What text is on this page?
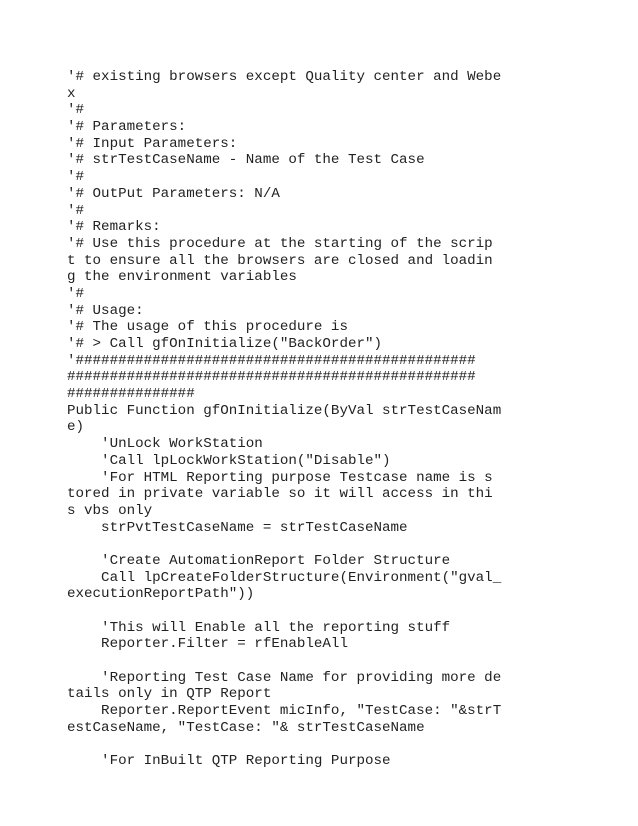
'# existing browsers except Quality center and Webe
x
'#
'# Parameters:
'# Input Parameters:
'# strTestCaseName - Name of the Test Case
'#
'# OutPut Parameters: N/A
'#
'# Remarks:
'# Use this procedure at the starting of the scrip
t to ensure all the browsers are closed and loadin
g the environment variables
'#
'# Usage:
'# The usage of this procedure is
'# > Call gfOnInitialize("BackOrder")
'###############################################
################################################
###############
Public Function gfOnInitialize(ByVal strTestCaseNam
e)
'UnLock WorkStation
'Call lpLockWorkStation("Disable")
'For HTML Reporting purpose Testcase name is s
tored in private variable so it will access in thi
s vbs only
strPvtTestCaseName = strTestCaseName
'Create AutomationReport Folder Structure
Call lpCreateFolderStructure(Environment("gval_
executionReportPath"))
'This will Enable all the reporting stuff
Reporter.Filter = rfEnableAll
'Reporting Test Case Name for providing more de
tails only in QTP Report
Reporter.ReportEvent micInfo, "TestCase: "&strT
estCaseName, "TestCase: "& strTestCaseName
'For InBuilt QTP Reporting Purpose
